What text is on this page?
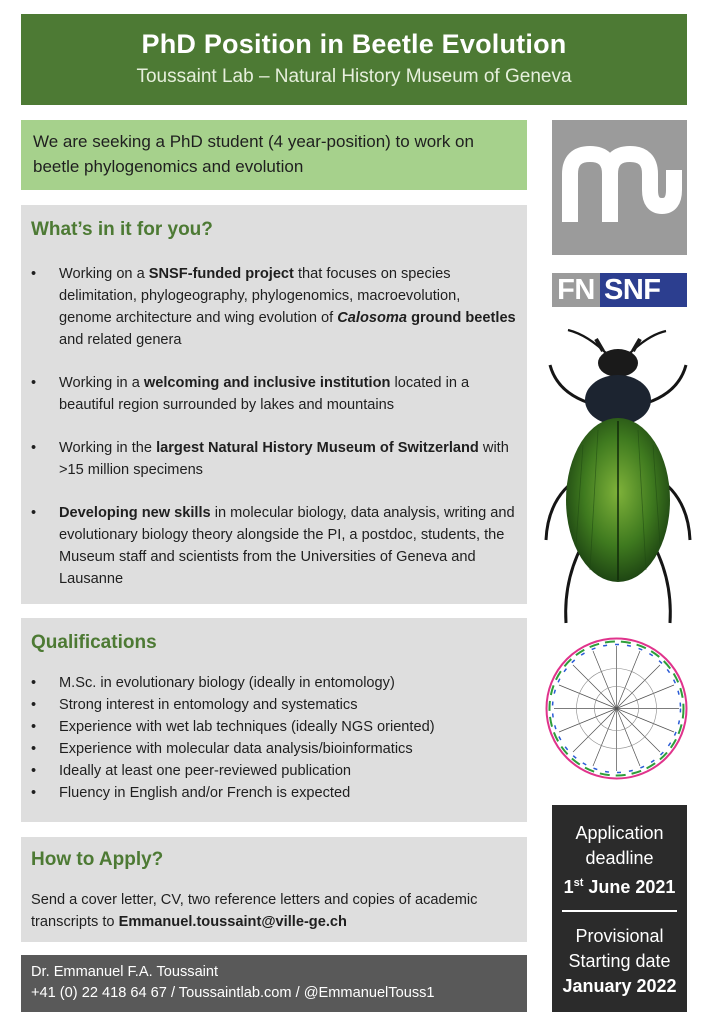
PhD Position in Beetle Evolution
Toussaint Lab – Natural History Museum of Geneva
We are seeking a PhD student (4 year-position) to work on beetle phylogenomics and evolution
What’s in it for you?
• Working on a SNSF-funded project that focuses on species delimitation, phylogeography, phylogenomics, macroevolution, genome architecture and wing evolution of Calosoma ground beetles and related genera
• Working in a welcoming and inclusive institution located in a beautiful region surrounded by lakes and mountains
• Working in the largest Natural History Museum of Switzerland with >15 million specimens
• Developing new skills in molecular biology, data analysis, writing and evolutionary biology theory alongside the PI, a postdoc, students, the Museum staff and scientists from the Universities of Geneva and Lausanne
Qualifications
• M.Sc. in evolutionary biology (ideally in entomology)
• Strong interest in entomology and systematics
• Experience with wet lab techniques (ideally NGS oriented)
• Experience with molecular data analysis/bioinformatics
• Ideally at least one peer-reviewed publication
• Fluency in English and/or French is expected
How to Apply?

Send a cover letter, CV, two reference letters and copies of academic transcripts to Emmanuel.toussaint@ville-ge.ch

Dr. Emmanuel F.A. Toussaint
+41 (0) 22 418 64 67 / Toussaintlab.com / @EmmanuelTouss1
FN SNF
Application
deadline
1st June 2021
Provisional
Starting date
January 2022
